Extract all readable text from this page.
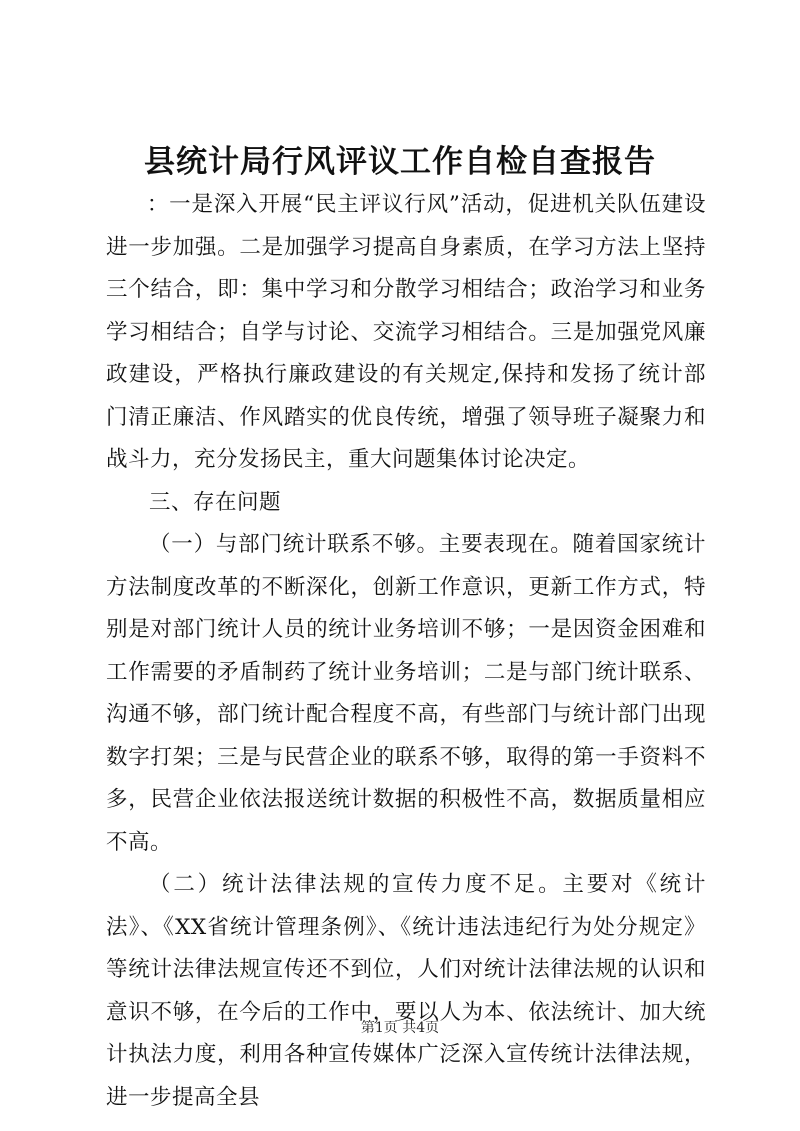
县统计局行风评议工作自检自查报告

：一是深入开展“民主评议行风”活动，促进机关队伍建设进一步加强。二是加强学习提高自身素质，在学习方法上坚持三个结合，即：集中学习和分散学习相结合；政治学习和业务学习相结合；自学与讨论、交流学习相结合。三是加强党风廉政建设，严格执行廉政建设的有关规定,保持和发扬了统计部门清正廉洁、作风踏实的优良传统，增强了领导班子凝聚力和战斗力，充分发扬民主，重大问题集体讨论决定。

三、存在问题

（一）与部门统计联系不够。主要表现在。随着国家统计方法制度改革的不断深化，创新工作意识，更新工作方式，特别是对部门统计人员的统计业务培训不够；一是因资金困难和工作需要的矛盾制药了统计业务培训；二是与部门统计联系、沟通不够，部门统计配合程度不高，有些部门与统计部门出现数字打架；三是与民营企业的联系不够，取得的第一手资料不多，民营企业依法报送统计数据的积极性不高，数据质量相应不高。

（二）统计法律法规的宣传力度不足。主要对《统计法》、《XX省统计管理条例》、《统计违法违纪行为处分规定》等统计法律法规宣传还不到位，人们对统计法律法规的认识和意识不够，在今后的工作中，要以人为本、依法统计、加大统计执法力度，利用各种宣传媒体广泛深入宣传统计法律法规，进一步提高全县

第1页 共4页
